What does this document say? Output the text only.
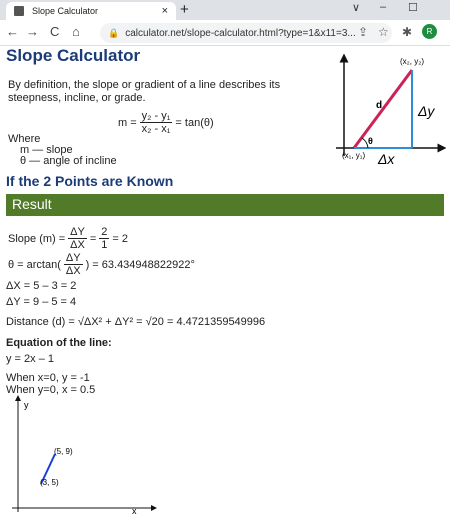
Slope Calculator	× +	∨ – ☐
← → C ⌂	🔒 calculator.net/slope-calculator.html?type=1&x11=3... ⇪ ☆ ✱	R
Slope Calculator

By definition, the slope or gradient of a line describes its steepness, incline, or grade.

$m = \frac{\text{y₂ - y₁}}{\text{x₂ - x₁}} = \tan(\theta)$
Where
m — slope
θ — angle of incline
(x₂, y₂)
(x₁, y₁)
d
θ
Δy
Δx
If the 2 Points are Known
Result
Slope $(m) = \frac{\Delta Y}{\Delta X} = \frac{2}{1} = 2$
$\theta = \arctan( \frac{\Delta Y}{\Delta X}$ ) = 63.434948822922°
ΔX = 5 – 3 = 2
ΔY = 9 – 5 = 4
Distance (d) = √ΔX² + ΔY² = √20 = 4.4721359549996
Equation of the line:
y = 2x – 1
When x=0, y = -1
When y=0, x = 0.5
y
x
(5, 9)
(3, 5)
